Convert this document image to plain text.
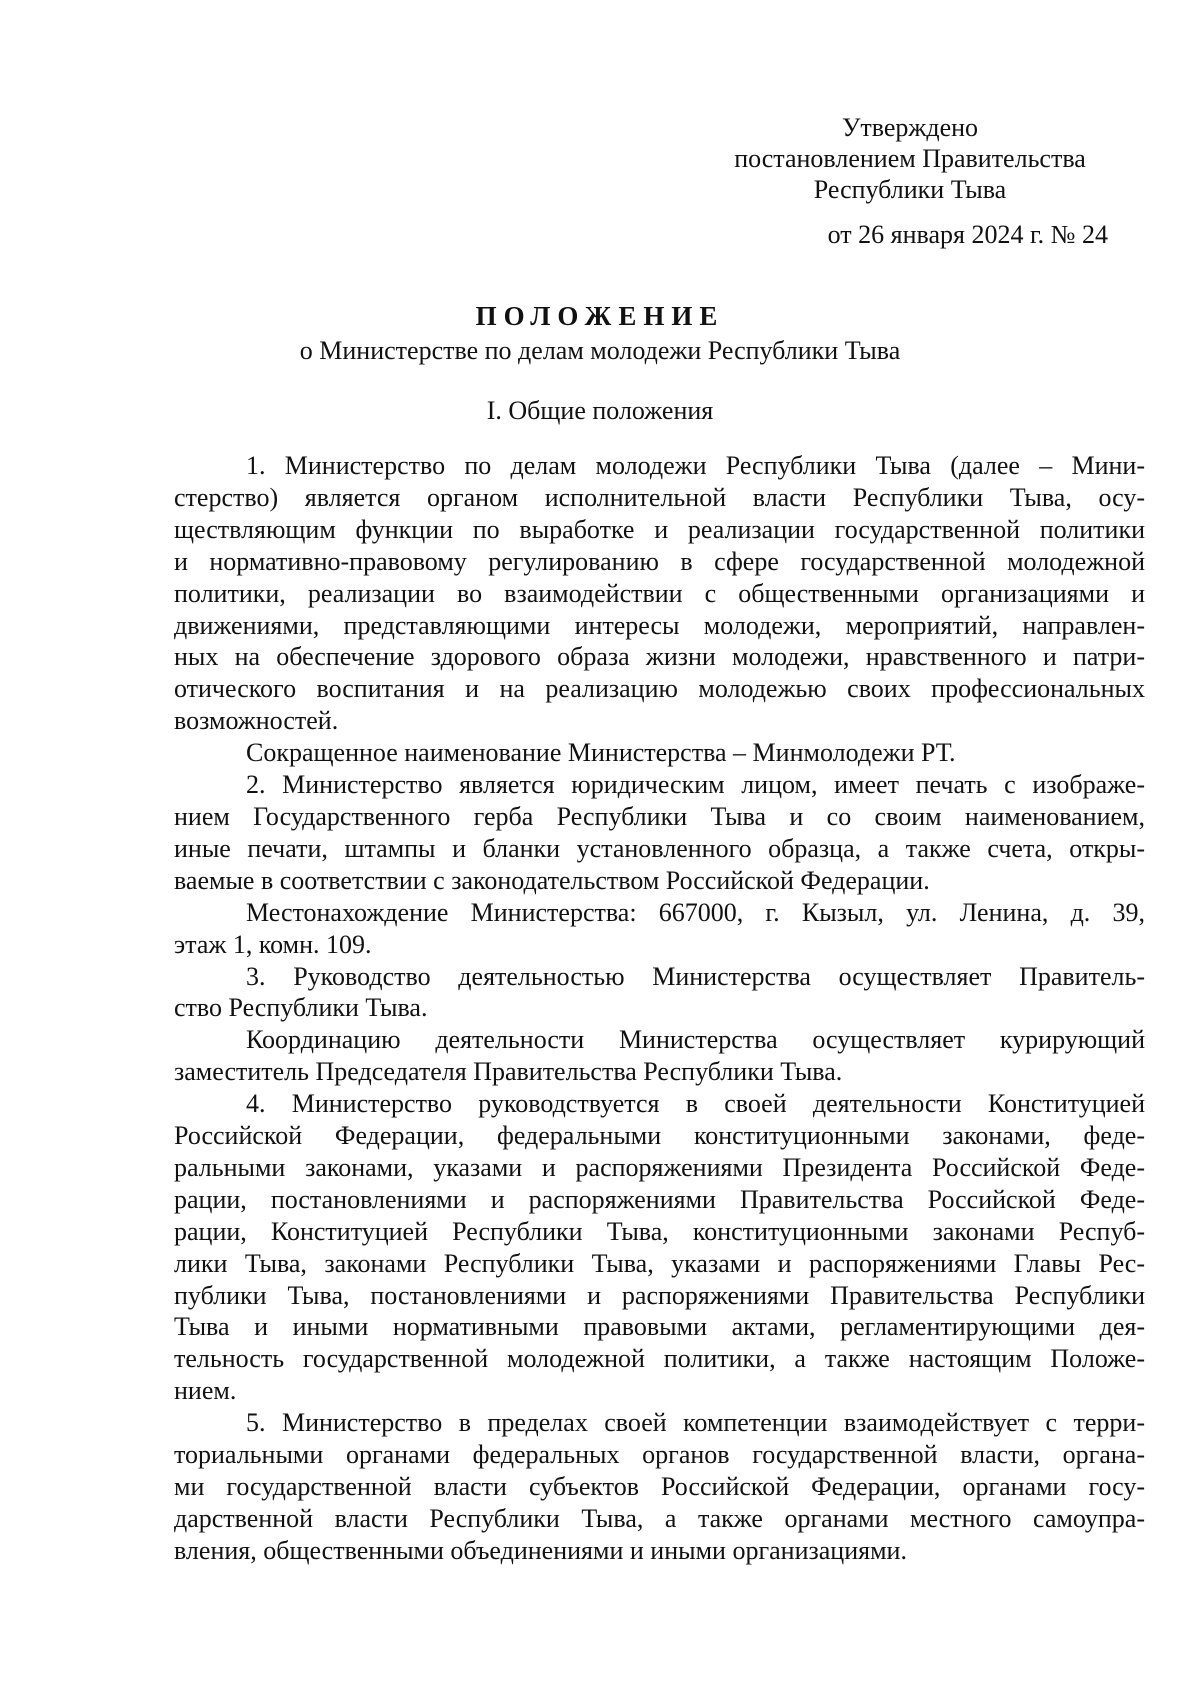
Утверждено
постановлением Правительства
Республики Тыва
от 26 января 2024 г. № 24
ПОЛОЖЕНИЕ
о Министерстве по делам молодежи Республики Тыва
I. Общие положения

1. Министерство по делам молодежи Республики Тыва (далее – Мини-
стерство) является органом исполнительной власти Республики Тыва, осу-
ществляющим функции по выработке и реализации государственной политики
и нормативно-правовому регулированию в сфере государственной молодежной
политики, реализации во взаимодействии с общественными организациями и
движениями, представляющими интересы молодежи, мероприятий, направлен-
ных на обеспечение здорового образа жизни молодежи, нравственного и патри-
отического воспитания и на реализацию молодежью своих профессиональных
возможностей.

Сокращенное наименование Министерства – Минмолодежи РТ.

2. Министерство является юридическим лицом, имеет печать с изображе-
нием Государственного герба Республики Тыва и со своим наименованием,
иные печати, штампы и бланки установленного образца, а также счета, откры-
ваемые в соответствии с законодательством Российской Федерации.

Местонахождение Министерства: 667000, г. Кызыл, ул. Ленина, д. 39,
этаж 1, комн. 109.

3. Руководство деятельностью Министерства осуществляет Правитель-
ство Республики Тыва.

Координацию деятельности Министерства осуществляет курирующий
заместитель Председателя Правительства Республики Тыва.

4. Министерство руководствуется в своей деятельности Конституцией
Российской Федерации, федеральными конституционными законами, феде-
ральными законами, указами и распоряжениями Президента Российской Феде-
рации, постановлениями и распоряжениями Правительства Российской Феде-
рации, Конституцией Республики Тыва, конституционными законами Респуб-
лики Тыва, законами Республики Тыва, указами и распоряжениями Главы Рес-
публики Тыва, постановлениями и распоряжениями Правительства Республики
Тыва и иными нормативными правовыми актами, регламентирующими дея-
тельность государственной молодежной политики, а также настоящим Положе-
нием.

5. Министерство в пределах своей компетенции взаимодействует с терри-
ториальными органами федеральных органов государственной власти, органа-
ми государственной власти субъектов Российской Федерации, органами госу-
дарственной власти Республики Тыва, а также органами местного самоупра-
вления, общественными объединениями и иными организациями.
